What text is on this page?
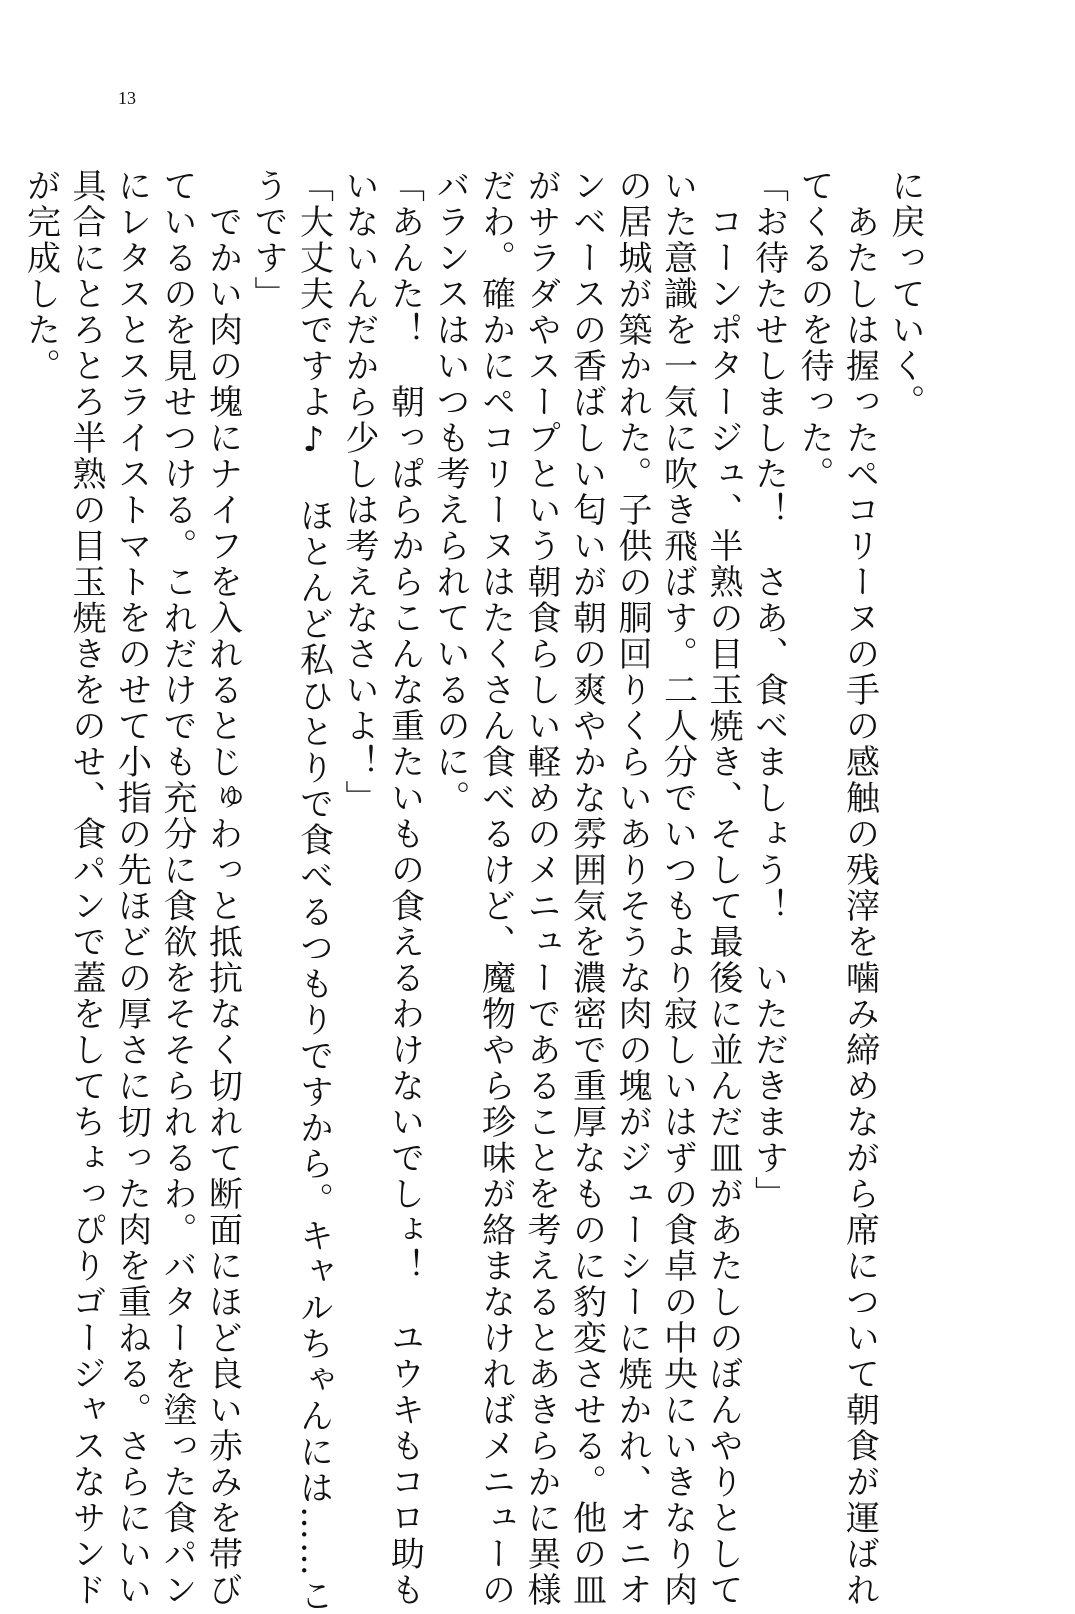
13
に戻っていく。
　あたしは握ったペコリーヌの手の感触の残滓を噛み締めながら席について朝食が運ばれ
てくるのを待った。
「お待たせしました！　さあ、食べましょう！　いただきます」
　コーンポタージュ、半熟の目玉焼き、そして最後に並んだ皿があたしのぼんやりとして
いた意識を一気に吹き飛ばす。二人分でいつもより寂しいはずの食卓の中央にいきなり肉
の居城が築かれた。子供の胴回りくらいありそうな肉の塊がジューシーに焼かれ、オニオ
ンベースの香ばしい匂いが朝の爽やかな雰囲気を濃密で重厚なものに豹変させる。他の皿
がサラダやスープという朝食らしい軽めのメニューであることを考えるとあきらかに異様
だわ。確かにペコリーヌはたくさん食べるけど、魔物やら珍味が絡まなければメニューの
バランスはいつも考えられているのに。
「あんた！　朝っぱらからこんな重たいもの食えるわけないでしょ！　ユウキもコロ助も
いないんだから少しは考えなさいよ！」
「大丈夫ですよ♪　ほとんど私ひとりで食べるつもりですから。キャルちゃんには……こ
うです」
　でかい肉の塊にナイフを入れるとじゅわっと抵抗なく切れて断面にほど良い赤みを帯び
ているのを見せつける。これだけでも充分に食欲をそそられるわ。バターを塗った食パン
にレタスとスライストマトをのせて小指の先ほどの厚さに切った肉を重ねる。さらにいい
具合にとろとろ半熟の目玉焼きをのせ、食パンで蓋をしてちょっぴりゴージャスなサンド
が完成した。
